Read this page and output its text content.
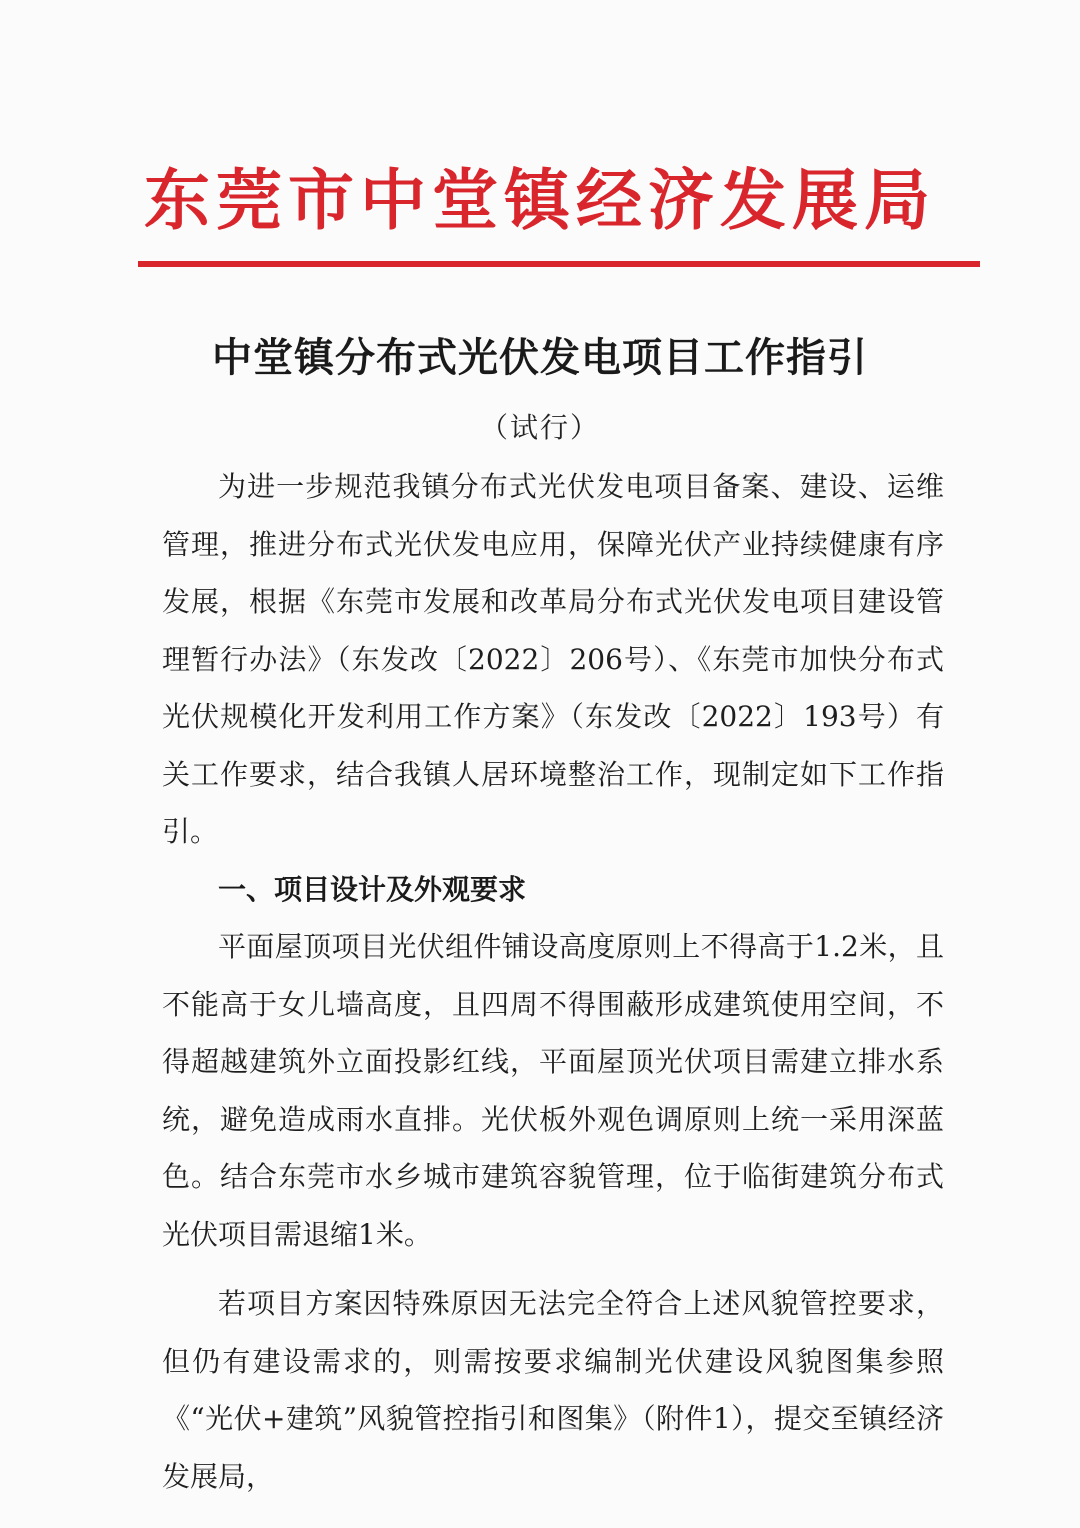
东莞市中堂镇经济发展局
中堂镇分布式光伏发电项目工作指引
（试行）

为进一步规范我镇分布式光伏发电项目备案、建设、运维管理，推进分布式光伏发电应用，保障光伏产业持续健康有序发展，根据《东莞市发展和改革局分布式光伏发电项目建设管理暂行办法》（东发改〔2022〕206号）、《东莞市加快分布式光伏规模化开发利用工作方案》（东发改〔2022〕193号）有关工作要求，结合我镇人居环境整治工作，现制定如下工作指引。

一、项目设计及外观要求

平面屋顶项目光伏组件铺设高度原则上不得高于1.2米，且不能高于女儿墙高度，且四周不得围蔽形成建筑使用空间，不得超越建筑外立面投影红线，平面屋顶光伏项目需建立排水系统，避免造成雨水直排。光伏板外观色调原则上统一采用深蓝色。结合东莞市水乡城市建筑容貌管理，位于临街建筑分布式光伏项目需退缩1米。

若项目方案因特殊原因无法完全符合上述风貌管控要求，但仍有建设需求的，则需按要求编制光伏建设风貌图集参照《“光伏+建筑”风貌管控指引和图集》（附件1），提交至镇经济发展局，
